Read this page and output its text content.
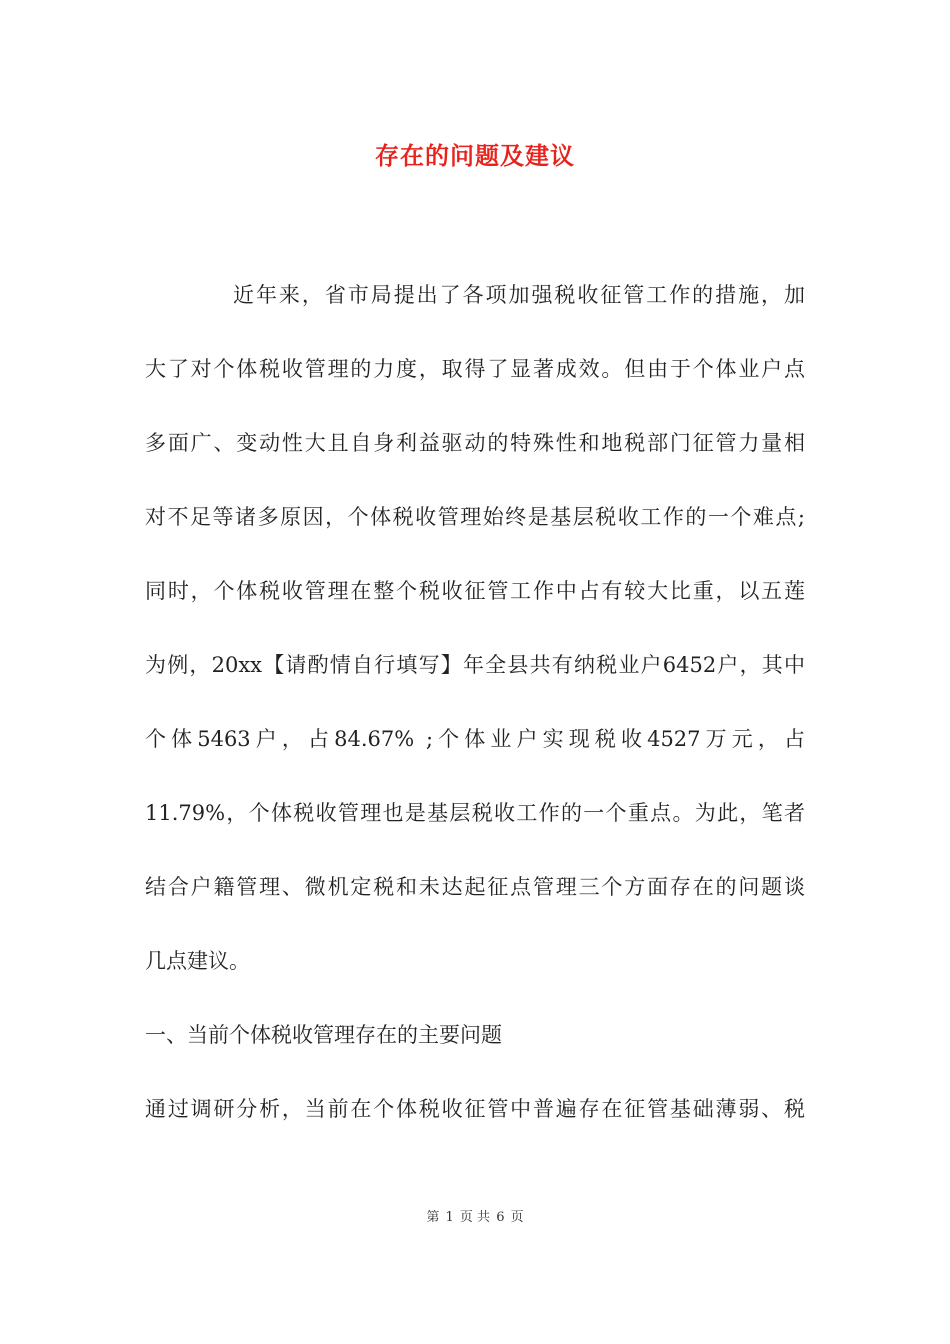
存在的问题及建议
近年来，省市局提出了各项加强税收征管工作的措施，加
大了对个体税收管理的力度，取得了显著成效。但由于个体业户点
多面广、变动性大且自身利益驱动的特殊性和地税部门征管力量相
对不足等诸多原因，个体税收管理始终是基层税收工作的一个难点;
同时，个体税收管理在整个税收征管工作中占有较大比重，以五莲
为例，20xx【请酌情自行填写】年全县共有纳税业户6452户，其中
个体5463户，占84.67% ;个体业户实现税收4527万元，占
11.79%，个体税收管理也是基层税收工作的一个重点。为此，笔者
结合户籍管理、微机定税和未达起征点管理三个方面存在的问题谈
几点建议。
一、当前个体税收管理存在的主要问题
通过调研分析，当前在个体税收征管中普遍存在征管基础薄弱、税
第 1 页 共 6 页
